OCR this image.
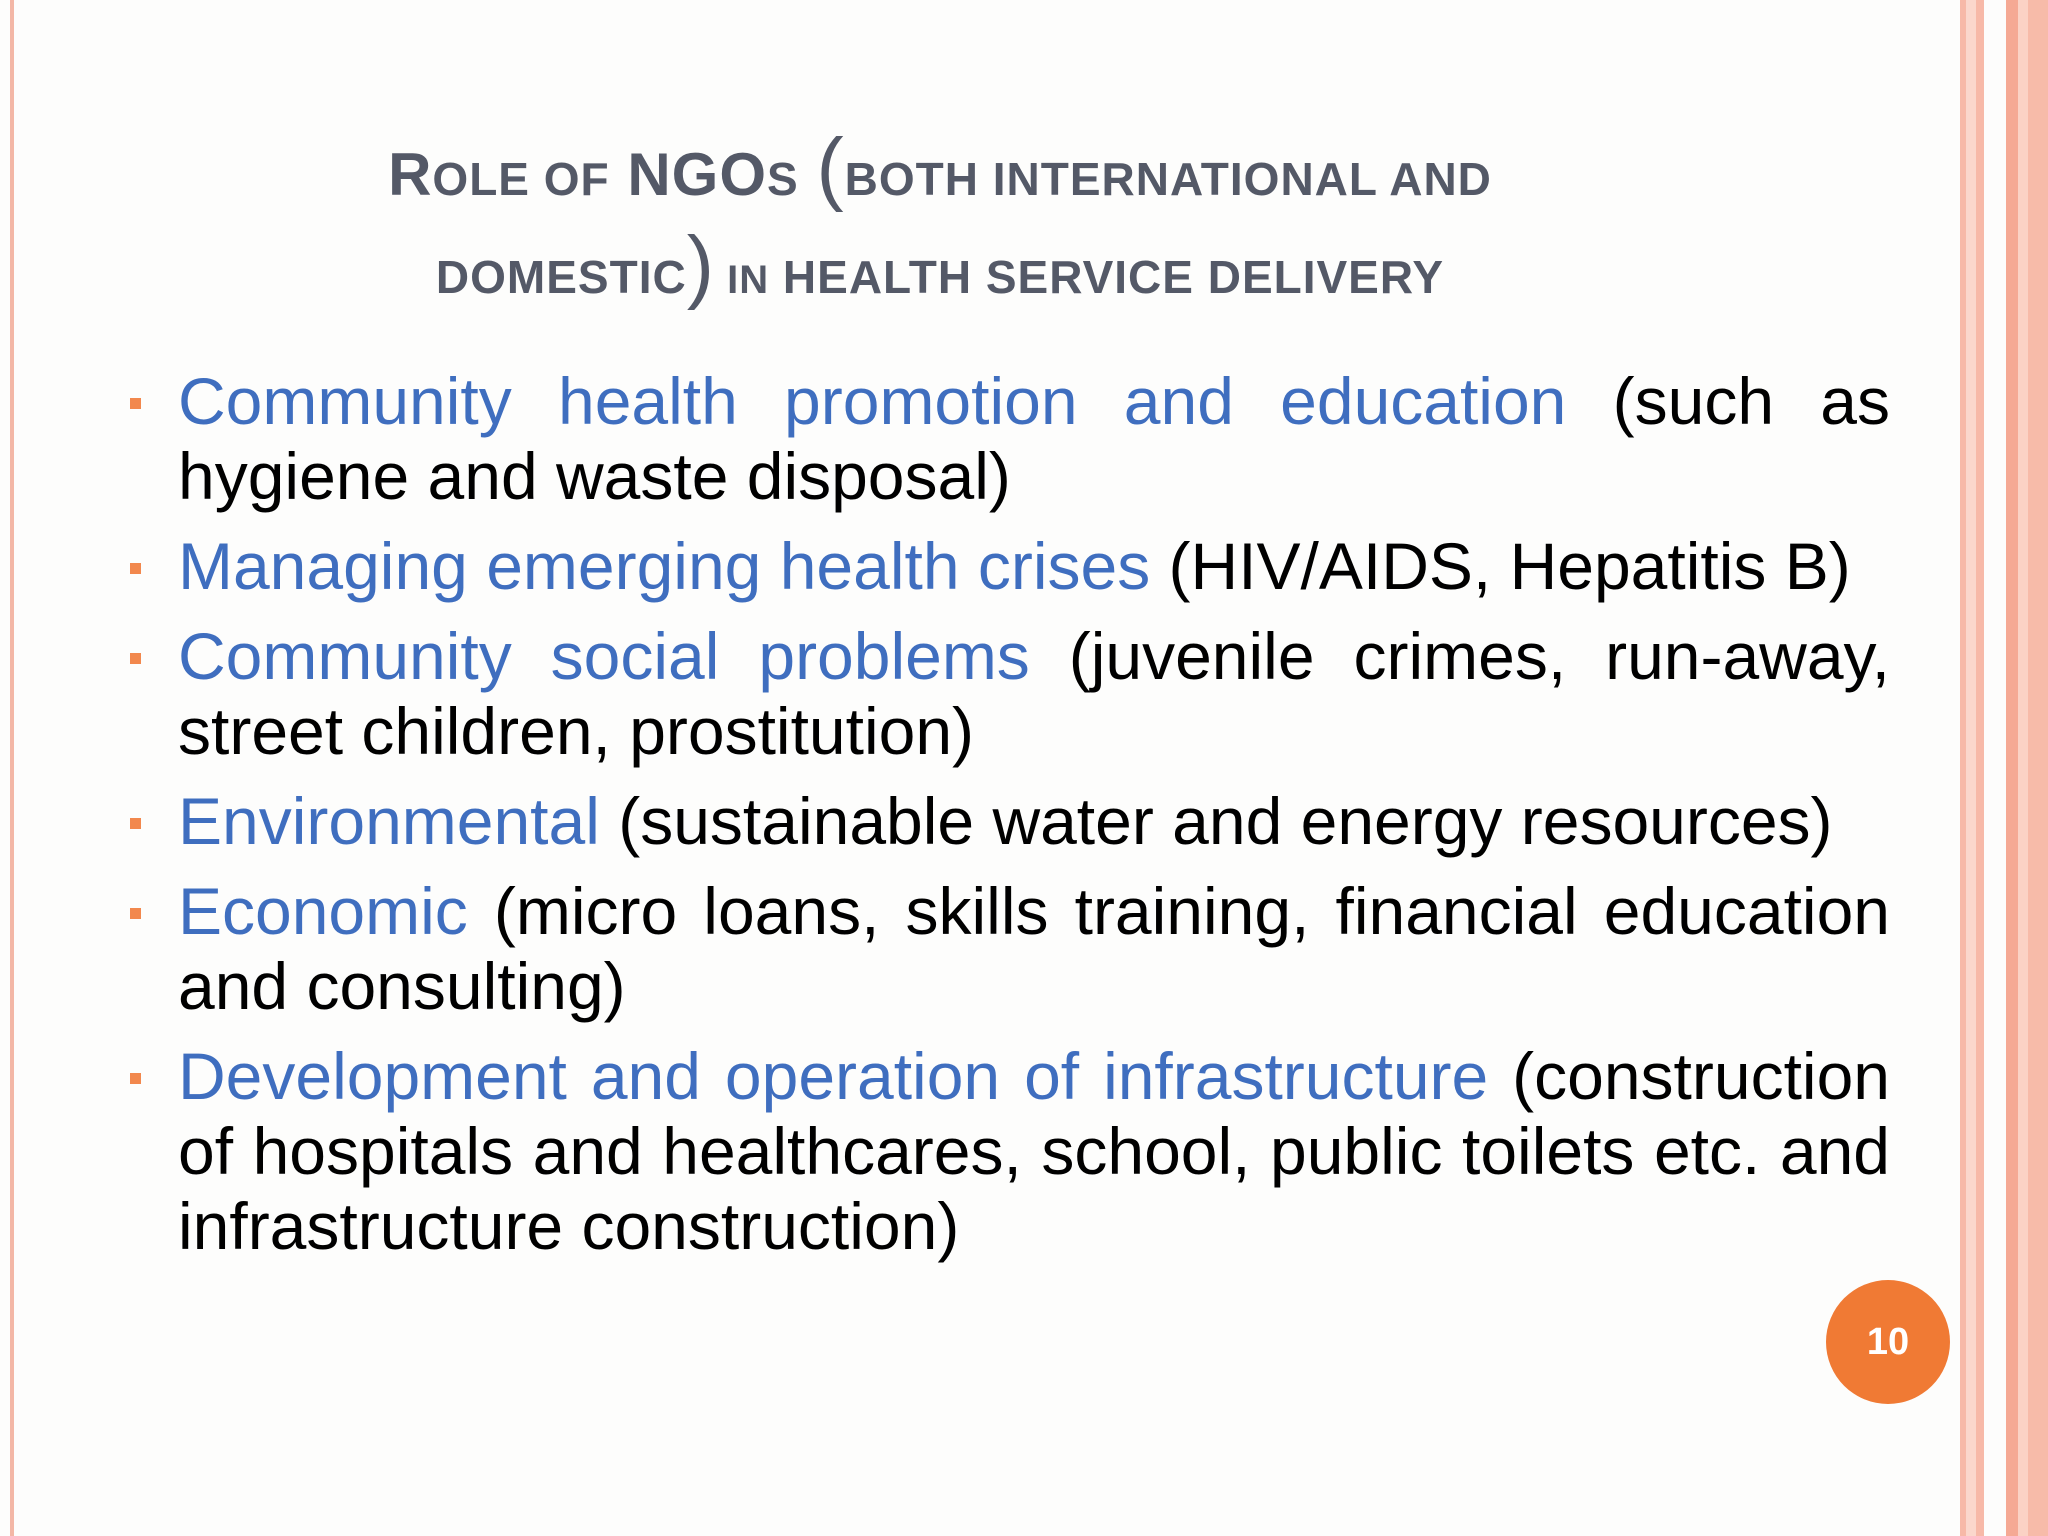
ROLE OF NGOS (BOTH INTERNATIONAL AND
DOMESTIC) IN HEALTH SERVICE DELIVERY
Community health promotion and education (such as hygiene and waste disposal)
Managing emerging health crises (HIV/AIDS, Hepatitis B)
Community social problems (juvenile crimes, run-away, street children, prostitution)
Environmental (sustainable water and energy resources)
Economic (micro loans, skills training, financial education and consulting)
Development and operation of infrastructure (construction of hospitals and healthcares, school, public toilets etc. and infrastructure construction)
10
